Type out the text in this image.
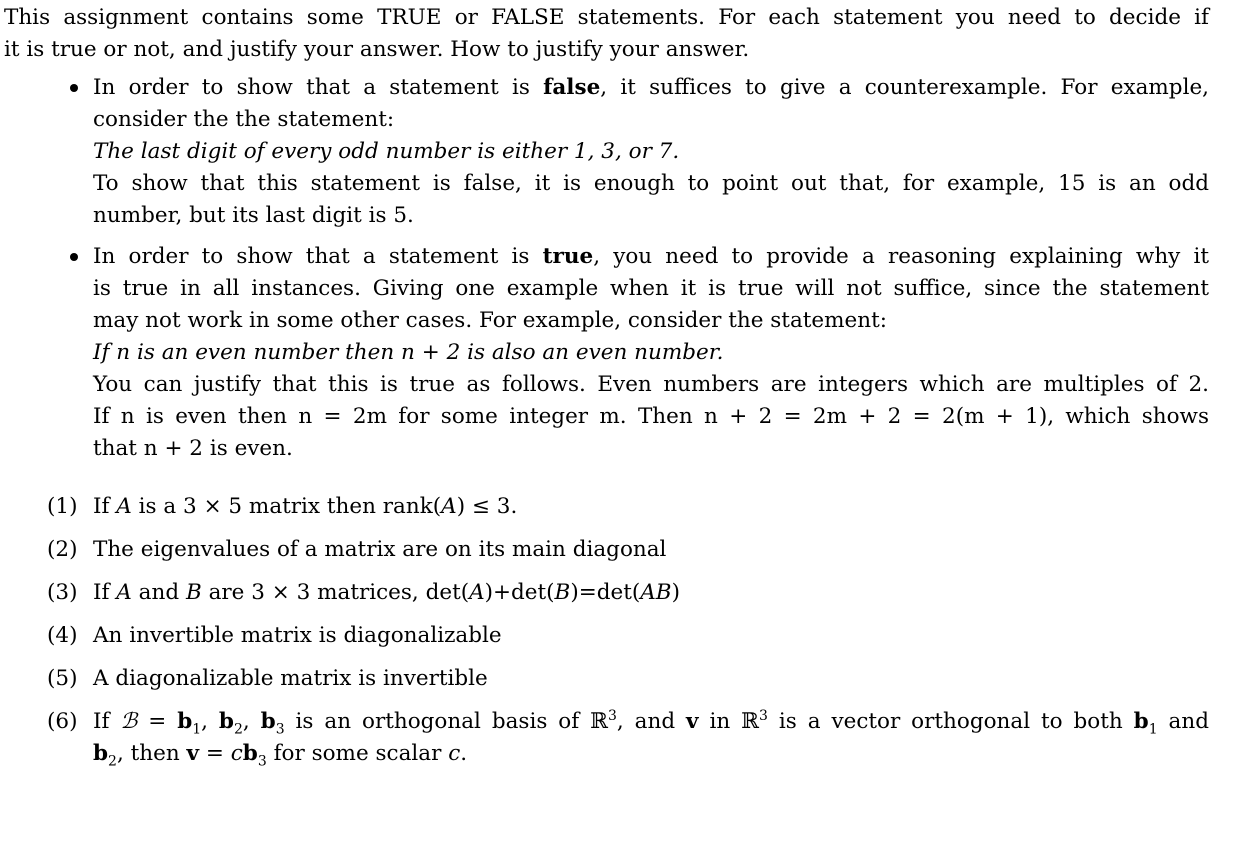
This assignment contains some TRUE or FALSE statements. For each statement you need to decide if
it is true or not, and justify your answer. How to justify your answer.

In order to show that a statement is false, it suffices to give a counterexample. For example,
consider the the statement:
The last digit of every odd number is either 1, 3, or 7.
To show that this statement is false, it is enough to point out that, for example, 15 is an odd
number, but its last digit is 5.
In order to show that a statement is true, you need to provide a reasoning explaining why it
is true in all instances. Giving one example when it is true will not suffice, since the statement
may not work in some other cases. For example, consider the statement:
If n is an even number then n + 2 is also an even number.
You can justify that this is true as follows. Even numbers are integers which are multiples of 2.
If n is even then n = 2m for some integer m. Then n + 2 = 2m + 2 = 2(m + 1), which shows
that n + 2 is even.
(1) If A is a 3 × 5 matrix then rank(A) ≤ 3.
(2) The eigenvalues of a matrix are on its main diagonal
(3) If A and B are 3 × 3 matrices, det(A)+det(B)=det(AB)
(4) An invertible matrix is diagonalizable
(5) A diagonalizable matrix is invertible
(6) If ℬ = $b_1$, $b_2$, $b_3$ is an orthogonal basis of ℝ$^3$, and v in ℝ$^3$ is a vector orthogonal to both $b_1$ and
$b_2$, then $v = cb_3$ for some scalar c.
